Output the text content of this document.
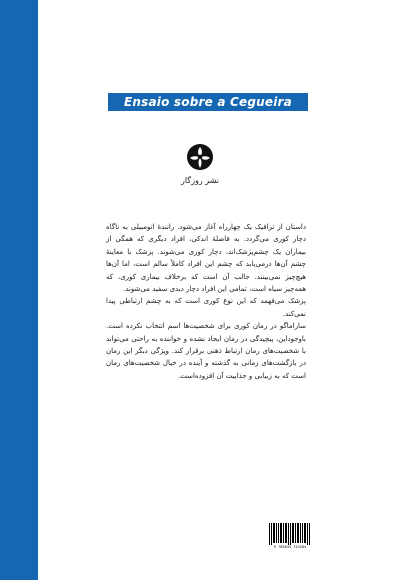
Ensaio sobre a Cegueira
نشر روزگار

داستان از ترافیک یک چهارراه آغاز می‌شود. رانندهٔ اتومبیلی به ناگاه دچار کوری می‌گردد. به فاصلهٔ اندکی، افراد دیگری که همگی از بیماران یک چشم‌پزشک‌اند، دچار کوری می‌شوند. پزشک با معاینهٔ چشم آن‌ها درمی‌یابد که چشم این افراد کاملاً سالم است، اما آن‌ها هیچ‌چیز نمی‌بینند. جالب آن است که برخلاف بیماری کوری، که همه‌چیز سیاه است، تمامی این افراد دچار دیدی سفید می‌شوند.

پزشک می‌فهمد که این نوع کوری است که به چشم ارتباطی پیدا نمی‌کند.

ساراماگو در رمان کوری برای شخصیت‌ها اسم انتخاب نکرده است. باوجوداین، پیچیدگی در رمان ایجاد نشده و خواننده به راحتی می‌تواند با شخصیت‌های رمان ارتباط ذهنی برقرار کند. ویژگی دیگر این رمان در بازگشت‌های زمانی به گذشته و آینده در خیال شخصیت‌های رمان است که به زیبایی و جذابیت آن افزوده‌است.

9 789643 743284
